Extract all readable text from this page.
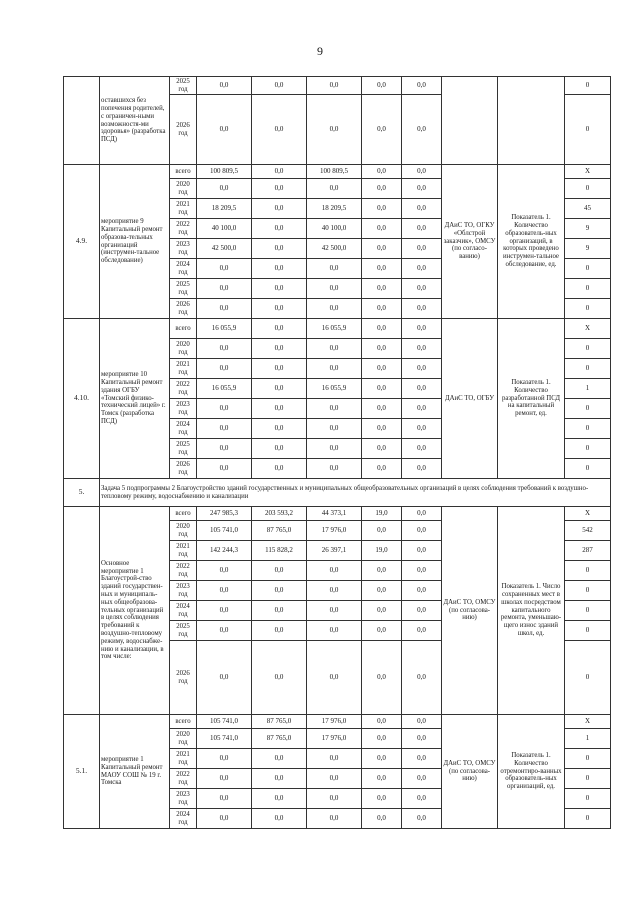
9
	оставшихся без попечения родителей, с ограничен-ными возможностя-ми здоровья» (разработка ПСД)	2025 год	0,0	0,0	0,0	0,0	0,0			0
		2026 год	0,0	0,0	0,0	0,0	0,0			0
4.9.	мероприятие 9 Капитальный ремонт образова-тельных организаций (инструмен-тальное обследование)	всего	100 809,5	0,0	100 809,5	0,0	0,0	ДАиС ТО, ОГКУ «Облстрой заказчик», ОМСУ (по согласо-ванию)	Показатель 1. Количество образователь-ных организаций, в которых проведено инструмен-тальное обследование, ед.	X
		2020 год	0,0	0,0	0,0	0,0	0,0			0
		2021 год	18 209,5	0,0	18 209,5	0,0	0,0			45
		2022 год	40 100,0	0,0	40 100,0	0,0	0,0			9
		2023 год	42 500,0	0,0	42 500,0	0,0	0,0			9
		2024 год	0,0	0,0	0,0	0,0	0,0			0
		2025 год	0,0	0,0	0,0	0,0	0,0			0
		2026 год	0,0	0,0	0,0	0,0	0,0			0
4.10.	мероприятие 10 Капитальный ремонт здания ОГБУ «Томский физико-технический лицей» г. Томск (разработка ПСД)	всего	16 055,9	0,0	16 055,9	0,0	0,0	ДАиС ТО, ОГБУ	Показатель 1. Количество разработанной ПСД на капитальный ремонт, ед.	X
		2020 год	0,0	0,0	0,0	0,0	0,0			0
		2021 год	0,0	0,0	0,0	0,0	0,0			0
		2022 год	16 055,9	0,0	16 055,9	0,0	0,0			1
		2023 год	0,0	0,0	0,0	0,0	0,0			0
		2024 год	0,0	0,0	0,0	0,0	0,0			0
		2025 год	0,0	0,0	0,0	0,0	0,0			0
		2026 год	0,0	0,0	0,0	0,0	0,0			0
5.	Задача 5 подпрограммы 2 Благоустройство зданий государственных и муниципальных общеобразовательных организаций в целях соблюдения требований к воздушно-тепловому режиму, водоснабжению и канализации									
	Основное мероприятие 1 Благоустрой-ство зданий государствен-ных и муниципаль-ных общеобразова-тельных организаций в целях соблюдения требований к воздушно-тепловому режиму, водоснабже-нию и канализации, в том числе:	всего	247 985,3	203 593,2	44 373,1	19,0	0,0	ДАиС ТО, ОМСУ (по согласова-нию)	Показатель 1. Число сохраненных мест в школах посредством капитального ремонта, уменьшаю-щего износ зданий школ, ед.	X
		2020 год	105 741,0	87 765,0	17 976,0	0,0	0,0			542
		2021 год	142 244,3	115 828,2	26 397,1	19,0	0,0			287
		2022 год	0,0	0,0	0,0	0,0	0,0			0
		2023 год	0,0	0,0	0,0	0,0	0,0			0
		2024 год	0,0	0,0	0,0	0,0	0,0			0
		2025 год	0,0	0,0	0,0	0,0	0,0			0
		2026 год	0,0	0,0	0,0	0,0	0,0			0
5.1.	мероприятие 1 Капитальный ремонт МАОУ СОШ № 19 г. Томска	всего	105 741,0	87 765,0	17 976,0	0,0	0,0	ДАиС ТО, ОМСУ (по согласова-нию)	Показатель 1. Количество отремонтиро-ванных образователь-ных организаций, ед.	X
		2020 год	105 741,0	87 765,0	17 976,0	0,0	0,0			1
		2021 год	0,0	0,0	0,0	0,0	0,0			0
		2022 год	0,0	0,0	0,0	0,0	0,0			0
		2023 год	0,0	0,0	0,0	0,0	0,0			0
		2024 год	0,0	0,0	0,0	0,0	0,0			0
